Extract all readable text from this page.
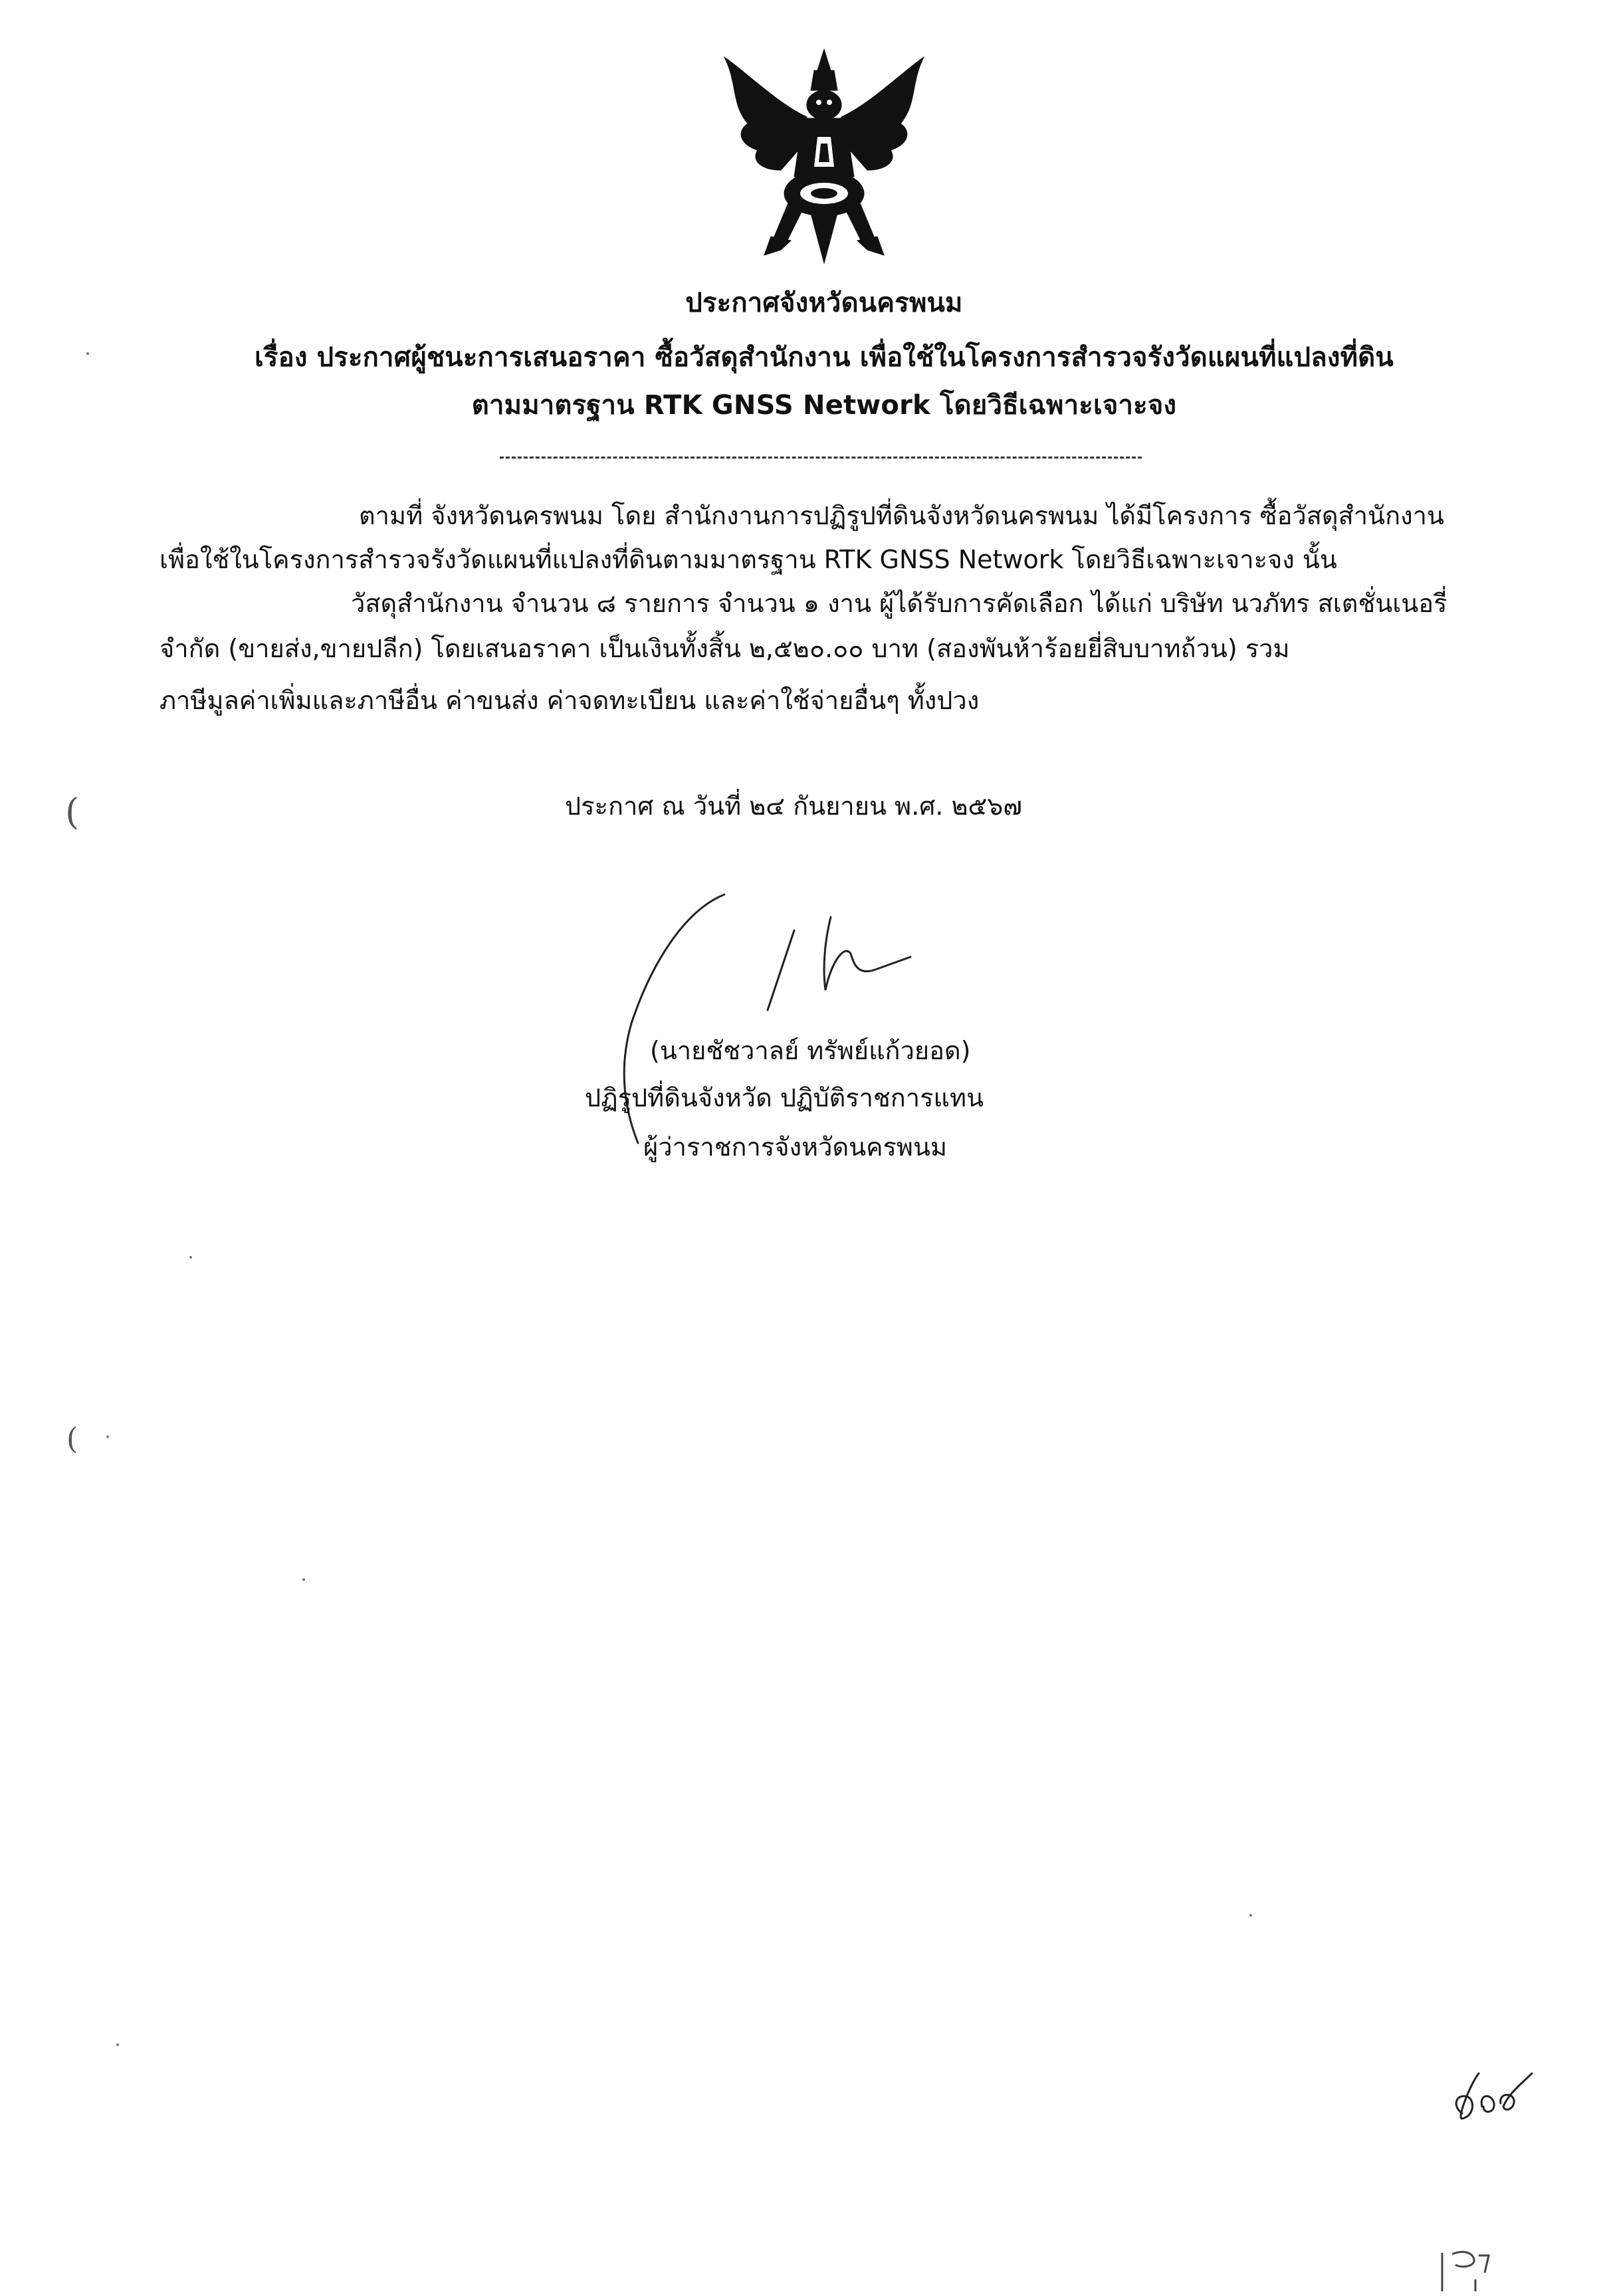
ประกาศจังหวัดนครพนม
เรื่อง ประกาศผู้ชนะการเสนอราคา ซื้อวัสดุสำนักงาน เพื่อใช้ในโครงการสำรวจรังวัดแผนที่แปลงที่ดิน
ตามมาตรฐาน RTK GNSS Network โดยวิธีเฉพาะเจาะจง
ตามที่ จังหวัดนครพนม โดย สำนักงานการปฏิรูปที่ดินจังหวัดนครพนม ได้มีโครงการ ซื้อวัสดุสำนักงาน
เพื่อใช้ในโครงการสำรวจรังวัดแผนที่แปลงที่ดินตามมาตรฐาน RTK GNSS Network โดยวิธีเฉพาะเจาะจง นั้น
วัสดุสำนักงาน จำนวน ๘ รายการ จำนวน ๑ งาน ผู้ได้รับการคัดเลือก ได้แก่ บริษัท นวภัทร สเตชั่นเนอรี่
จำกัด (ขายส่ง,ขายปลีก) โดยเสนอราคา เป็นเงินทั้งสิ้น ๒,๕๒๐.๐๐ บาท (สองพันห้าร้อยยี่สิบบาทถ้วน) รวม
ภาษีมูลค่าเพิ่มและภาษีอื่น ค่าขนส่ง ค่าจดทะเบียน และค่าใช้จ่ายอื่นๆ ทั้งปวง
ประกาศ ณ วันที่ ๒๔ กันยายน พ.ศ. ๒๕๖๗
(นายชัชวาลย์ ทรัพย์แก้วยอด)
ปฏิรูปที่ดินจังหวัด ปฏิบัติราชการแทน
ผู้ว่าราชการจังหวัดนครพนม
(
(
